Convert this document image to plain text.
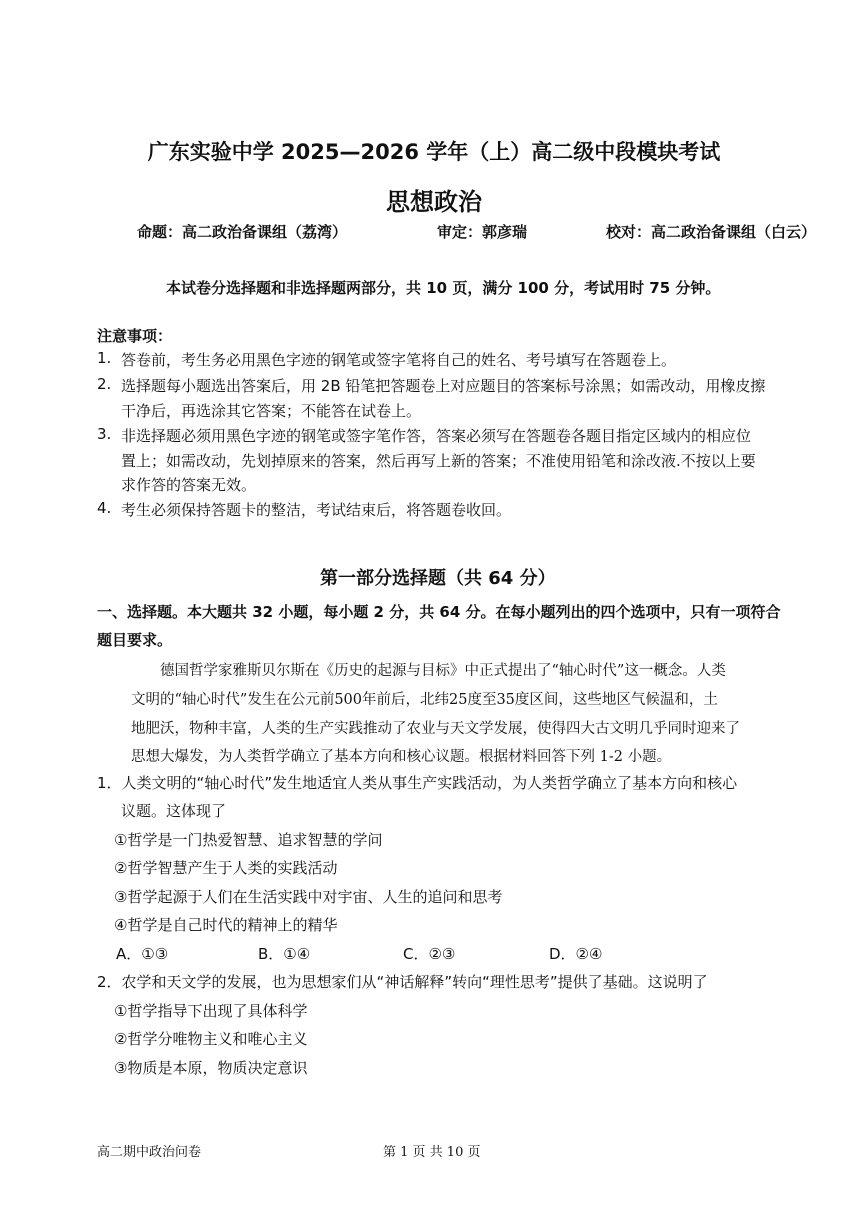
广东实验中学 2025—2026 学年（上）高二级中段模块考试
思想政治
命题：高二政治备课组（荔湾）	审定：郭彦瑞	校对：高二政治备课组（白云）
本试卷分选择题和非选择题两部分，共 10 页，满分 100 分，考试用时 75 分钟。
注意事项：
1. 答卷前，考生务必用黑色字迹的钢笔或签字笔将自己的姓名、考号填写在答题卷上。
2. 选择题每小题选出答案后，用 2B 铅笔把答题卷上对应题目的答案标号涂黑；如需改动，用橡皮擦
干净后，再选涂其它答案；不能答在试卷上。
3. 非选择题必须用黑色字迹的钢笔或签字笔作答，答案必须写在答题卷各题目指定区域内的相应位
置上；如需改动，先划掉原来的答案，然后再写上新的答案；不准使用铅笔和涂改液.不按以上要
求作答的答案无效。
4. 考生必须保持答题卡的整洁，考试结束后，将答题卷收回。
第一部分选择题（共 64 分）
一、选择题。本大题共 32 小题，每小题 2 分，共 64 分。在每小题列出的四个选项中，只有一项符合
题目要求。
德国哲学家雅斯贝尔斯在《历史的起源与目标》中正式提出了“轴心时代”这一概念。人类
文明的“轴心时代”发生在公元前500年前后，北纬25度至35度区间，这些地区气候温和，土
地肥沃，物种丰富，人类的生产实践推动了农业与天文学发展，使得四大古文明几乎同时迎来了
思想大爆发，为人类哲学确立了基本方向和核心议题。根据材料回答下列 1-2 小题。
1．人类文明的“轴心时代”发生地适宜人类从事生产实践活动，为人类哲学确立了基本方向和核心
议题。这体现了
①哲学是一门热爱智慧、追求智慧的学问
②哲学智慧产生于人类的实践活动
③哲学起源于人们在生活实践中对宇宙、人生的追问和思考
④哲学是自己时代的精神上的精华
A．①③	B．①④	C．②③	D．②④
2．农学和天文学的发展，也为思想家们从“神话解释”转向“理性思考”提供了基础。这说明了
①哲学指导下出现了具体科学
②哲学分唯物主义和唯心主义
③物质是本原，物质决定意识
高二期中政治问卷	第 1 页 共 10 页
